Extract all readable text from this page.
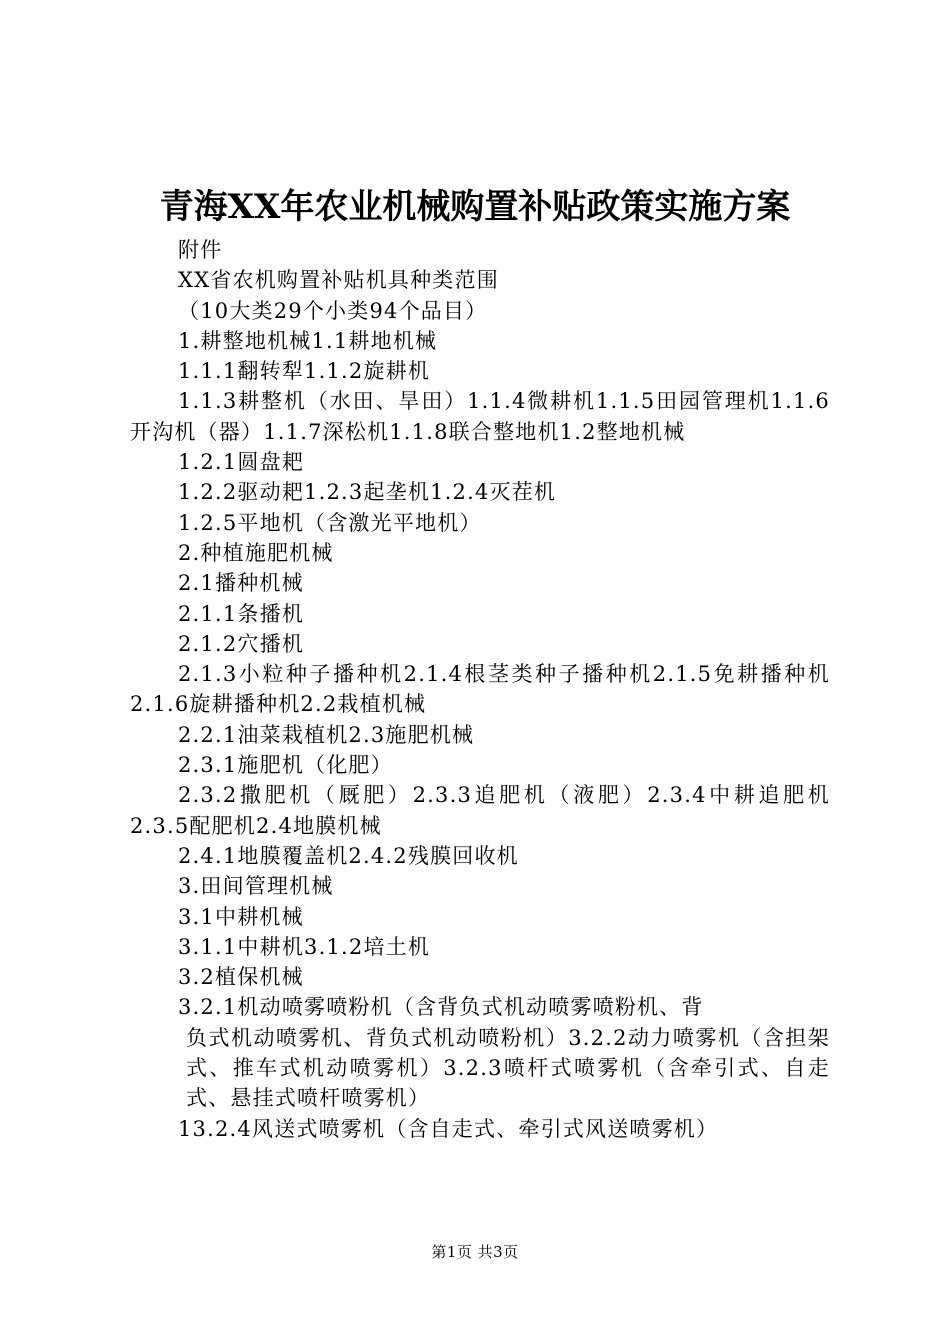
青海XX年农业机械购置补贴政策实施方案

附件

XX省农机购置补贴机具种类范围

（10大类29个小类94个品目）

1.耕整地机械1.1耕地机械

1.1.1翻转犁1.1.2旋耕机

1.1.3耕整机（水田、旱田）1.1.4微耕机1.1.5田园管理机1.1.6开沟机（器）1.1.7深松机1.1.8联合整地机1.2整地机械

1.2.1圆盘耙

1.2.2驱动耙1.2.3起垄机1.2.4灭茬机

1.2.5平地机（含激光平地机）

2.种植施肥机械

2.1播种机械

2.1.1条播机

2.1.2穴播机

2.1.3小粒种子播种机2.1.4根茎类种子播种机2.1.5免耕播种机2.1.6旋耕播种机2.2栽植机械

2.2.1油菜栽植机2.3施肥机械

2.3.1施肥机（化肥）

2.3.2撒肥机（厩肥）2.3.3追肥机（液肥）2.3.4中耕追肥机2.3.5配肥机2.4地膜机械

2.4.1地膜覆盖机2.4.2残膜回收机

3.田间管理机械

3.1中耕机械

3.1.1中耕机3.1.2培土机

3.2植保机械

3.2.1机动喷雾喷粉机（含背负式机动喷雾喷粉机、背

负式机动喷雾机、背负式机动喷粉机）3.2.2动力喷雾机（含担架式、推车式机动喷雾机）3.2.3喷杆式喷雾机（含牵引式、自走式、悬挂式喷杆喷雾机）

13.2.4风送式喷雾机（含自走式、牵引式风送喷雾机）

第1页 共3页
